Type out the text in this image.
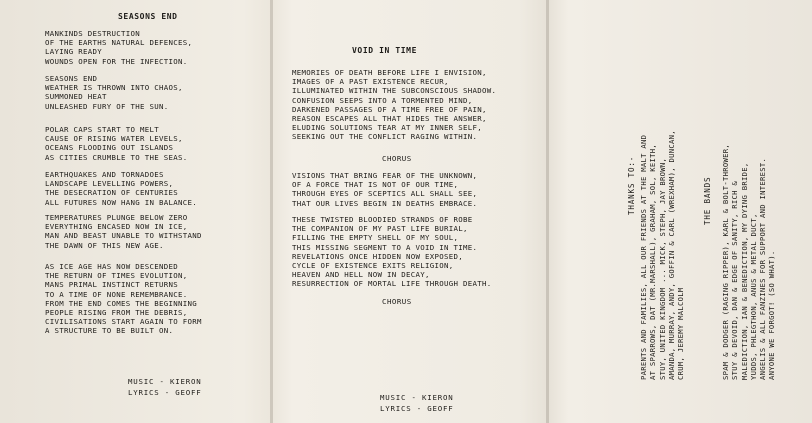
SEASONS END
MANKINDS DESTRUCTION
OF THE EARTHS NATURAL DEFENCES,
LAYING READY
WOUNDS OPEN FOR THE INFECTION.
SEASONS END
WEATHER IS THROWN INTO CHAOS,
SUMMONED HEAT
UNLEASHED FURY OF THE SUN.
POLAR CAPS START TO MELT
CAUSE OF RISING WATER LEVELS,
OCEANS FLOODING OUT ISLANDS
AS CITIES CRUMBLE TO THE SEAS.
EARTHQUAKES AND TORNADOES
LANDSCAPE LEVELLING POWERS,
THE DESECRATION OF CENTURIES
ALL FUTURES NOW HANG IN BALANCE.
TEMPERATURES PLUNGE BELOW ZERO
EVERYTHING ENCASED NOW IN ICE,
MAN AND BEAST UNABLE TO WITHSTAND
THE DAWN OF THIS NEW AGE.
AS ICE AGE HAS NOW DESCENDED
THE RETURN OF TIMES EVOLUTION,
MANS PRIMAL INSTINCT RETURNS
TO A TIME OF NONE REMEMBRANCE.
FROM THE END COMES THE BEGINNING
PEOPLE RISING FROM THE DEBRIS,
CIVILISATIONS START AGAIN TO FORM
A STRUCTURE TO BE BUILT ON.
MUSIC - KIERON
LYRICS - GEOFF
VOID IN TIME
MEMORIES OF DEATH BEFORE LIFE I ENVISION,
IMAGES OF A PAST EXISTENCE RECUR,
ILLUMINATED WITHIN THE SUBCONSCIOUS SHADOW.
CONFUSION SEEPS INTO A TORMENTED MIND,
DARKENED PASSAGES OF A TIME FREE OF PAIN,
REASON ESCAPES ALL THAT HIDES THE ANSWER,
ELUDING SOLUTIONS TEAR AT MY INNER SELF,
SEEKING OUT THE CONFLICT RAGING WITHIN.
CHORUS
VISIONS THAT BRING FEAR OF THE UNKNOWN,
OF A FORCE THAT IS NOT OF OUR TIME,
THROUGH EYES OF SCEPTICS ALL SHALL SEE,
THAT OUR LIVES BEGIN IN DEATHS EMBRACE.
THESE TWISTED BLOODIED STRANDS OF ROBE
THE COMPANION OF MY PAST LIFE BURIAL,
FILLING THE EMPTY SHELL OF MY SOUL,
THIS MISSING SEGMENT TO A VOID IN TIME.
REVELATIONS ONCE HIDDEN NOW EXPOSED,
CYCLE OF EXISTENCE EXITS RELIGION,
HEAVEN AND HELL NOW IN DECAY,
RESURRECTION OF MORTAL LIFE THROUGH DEATH.
CHORUS
MUSIC - KIERON
LYRICS - GEOFF
THANKS TO:- PARENTS AND FAMILIES, ALL OUR FRIENDS AT THE MALT AND AT SPARROWS, DAT (MR.MARSHALL), GRAHAM, SOL, KEITH, STUY, UNITED KINGDOM ... MICK, STEPH, JAY BROWN, AMANDA, MURRAY, ANDY, GOFFIN & CARL (WREXHAM), DUNCAN, CRUM, JEREMY MALCOLM
THE BANDS SPAM & DODGER (RAGING RIPPER), KARL & BOLT-THROWER, STUY & DEVOID, DAN & EDGE OF SANITY, RICH & MALEDICTION, IAN & BENEDICTION, MY DYING BRIDE, YUDDS, PHLEGTHON, ANUS & METAL DUCT, ANGELIS & ALL FANZINES FOR SUPPORT AND INTEREST. ANYONE WE FORGOT! (SO WHAT).
